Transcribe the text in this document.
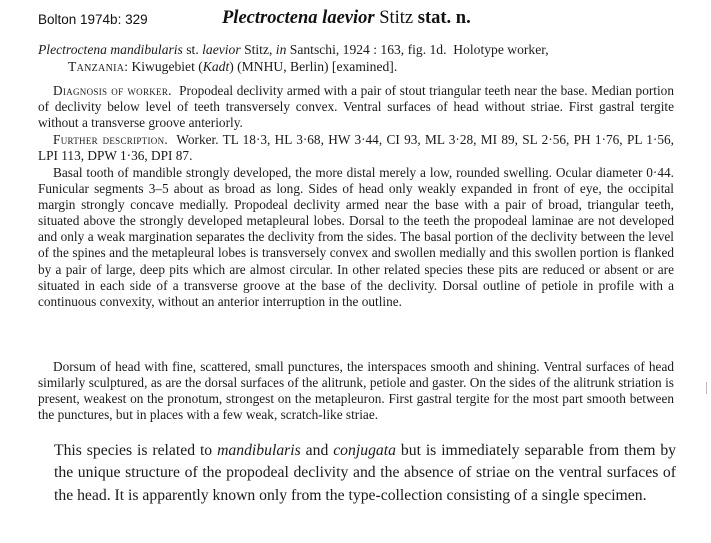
Bolton 1974b: 329	Plectroctena laevior Stitz stat. n.
Plectroctena mandibularis st. laevior Stitz, in Santschi, 1924 : 163, fig. 1d. Holotype worker,
Tanzania: Kiwugebiet (Kadt) (MNHU, Berlin) [examined].
Diagnosis of worker. Propodeal declivity armed with a pair of stout triangular teeth near the base. Median portion of declivity below level of teeth transversely convex. Ventral surfaces of head without striae. First gastral tergite without a transverse groove anteriorly.
Further description. Worker. TL 18·3, HL 3·68, HW 3·44, CI 93, ML 3·28, MI 89, SL 2·56, PH 1·76, PL 1·56, LPI 113, DPW 1·36, DPI 87.
Basal tooth of mandible strongly developed, the more distal merely a low, rounded swelling. Ocular diameter 0·44. Funicular segments 3–5 about as broad as long. Sides of head only weakly expanded in front of eye, the occipital margin strongly concave medially. Propodeal declivity armed near the base with a pair of broad, triangular teeth, situated above the strongly developed metapleural lobes. Dorsal to the teeth the propodeal laminae are not developed and only a weak margination separates the declivity from the sides. The basal portion of the declivity between the level of the spines and the metapleural lobes is transversely convex and swollen medially and this swollen portion is flanked by a pair of large, deep pits which are almost circular. In other related species these pits are reduced or absent or are situated in each side of a transverse groove at the base of the declivity. Dorsal outline of petiole in profile with a continuous convexity, without an anterior interruption in the outline.
Dorsum of head with fine, scattered, small punctures, the interspaces smooth and shining. Ventral surfaces of head similarly sculptured, as are the dorsal surfaces of the alitrunk, petiole and gaster. On the sides of the alitrunk striation is present, weakest on the pronotum, strongest on the metapleuron. First gastral tergite for the most part smooth between the punctures, but in places with a few weak, scratch-like striae.
This species is related to mandibularis and conjugata but is immediately separable from them by the unique structure of the propodeal declivity and the absence of striae on the ventral surfaces of the head. It is apparently known only from the type-collection consisting of a single specimen.
